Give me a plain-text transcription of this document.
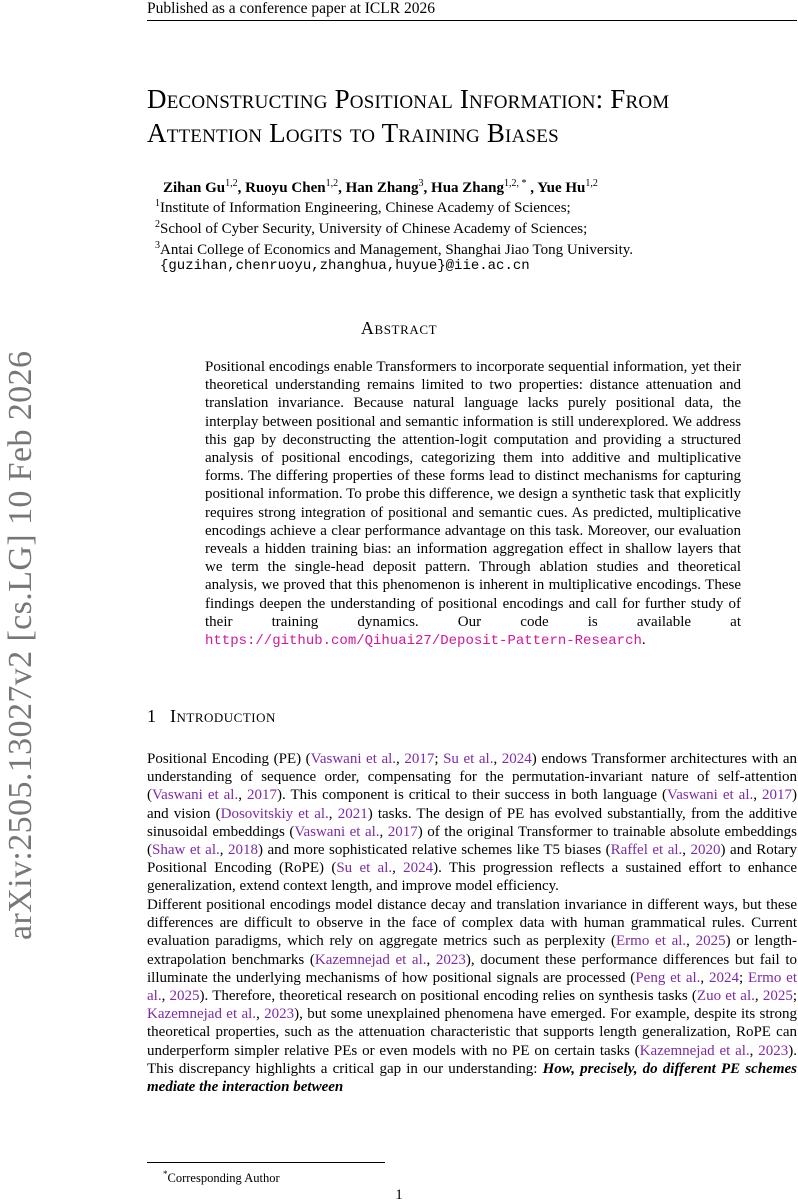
Published as a conference paper at ICLR 2026
Deconstructing Positional Information: From
Attention Logits to Training Biases
Zihan Gu$^{1,2}$, Ruoyu Chen$^{1,2}$, Han Zhang$^3$, Hua Zhang$^{1,2, *}$ , Yue Hu$^{1,2}$
$^1$Institute of Information Engineering, Chinese Academy of Sciences;
$^2$School of Cyber Security, University of Chinese Academy of Sciences;
$^3$Antai College of Economics and Management, Shanghai Jiao Tong University.
{guzihan,chenruoyu,zhanghua,huyue}@iie.ac.cn
Abstract
Positional encodings enable Transformers to incorporate sequential information, yet their theoretical understanding remains limited to two properties: distance attenuation and translation invariance. Because natural language lacks purely positional data, the interplay between positional and semantic information is still underexplored. We address this gap by deconstructing the attention-logit computation and providing a structured analysis of positional encodings, categorizing them into additive and multiplicative forms. The differing properties of these forms lead to distinct mechanisms for capturing positional information. To probe this difference, we design a synthetic task that explicitly requires strong integration of positional and semantic cues. As predicted, multiplicative encodings achieve a clear performance advantage on this task. Moreover, our evaluation reveals a hidden training bias: an information aggregation effect in shallow layers that we term the single-head deposit pattern. Through ablation studies and theoretical analysis, we proved that this phenomenon is inherent in multiplicative encodings. These findings deepen the understanding of positional encodings and call for further study of their training dynamics. Our code is available at https://github.com/Qihuai27/Deposit-Pattern-Research.
1 Introduction
Positional Encoding (PE) (Vaswani et al., 2017; Su et al., 2024) endows Transformer architectures with an understanding of sequence order, compensating for the permutation-invariant nature of self-attention (Vaswani et al., 2017). This component is critical to their success in both language (Vaswani et al., 2017) and vision (Dosovitskiy et al., 2021) tasks. The design of PE has evolved substantially, from the additive sinusoidal embeddings (Vaswani et al., 2017) of the original Transformer to trainable absolute embeddings (Shaw et al., 2018) and more sophisticated relative schemes like T5 biases (Raffel et al., 2020) and Rotary Positional Encoding (RoPE) (Su et al., 2024). This progression reflects a sustained effort to enhance generalization, extend context length, and improve model efficiency.
Different positional encodings model distance decay and translation invariance in different ways, but these differences are difficult to observe in the face of complex data with human grammatical rules. Current evaluation paradigms, which rely on aggregate metrics such as perplexity (Ermo et al., 2025) or length-extrapolation benchmarks (Kazemnejad et al., 2023), document these performance differences but fail to illuminate the underlying mechanisms of how positional signals are processed (Peng et al., 2024; Ermo et al., 2025). Therefore, theoretical research on positional encoding relies on synthesis tasks (Zuo et al., 2025; Kazemnejad et al., 2023), but some unexplained phenomena have emerged. For example, despite its strong theoretical properties, such as the attenuation characteristic that supports length generalization, RoPE can underperform simpler relative PEs or even models with no PE on certain tasks (Kazemnejad et al., 2023). This discrepancy highlights a critical gap in our understanding: How, precisely, do different PE schemes mediate the interaction between
*Corresponding Author
1
arXiv:2505.13027v2 [cs.LG] 10 Feb 2026
